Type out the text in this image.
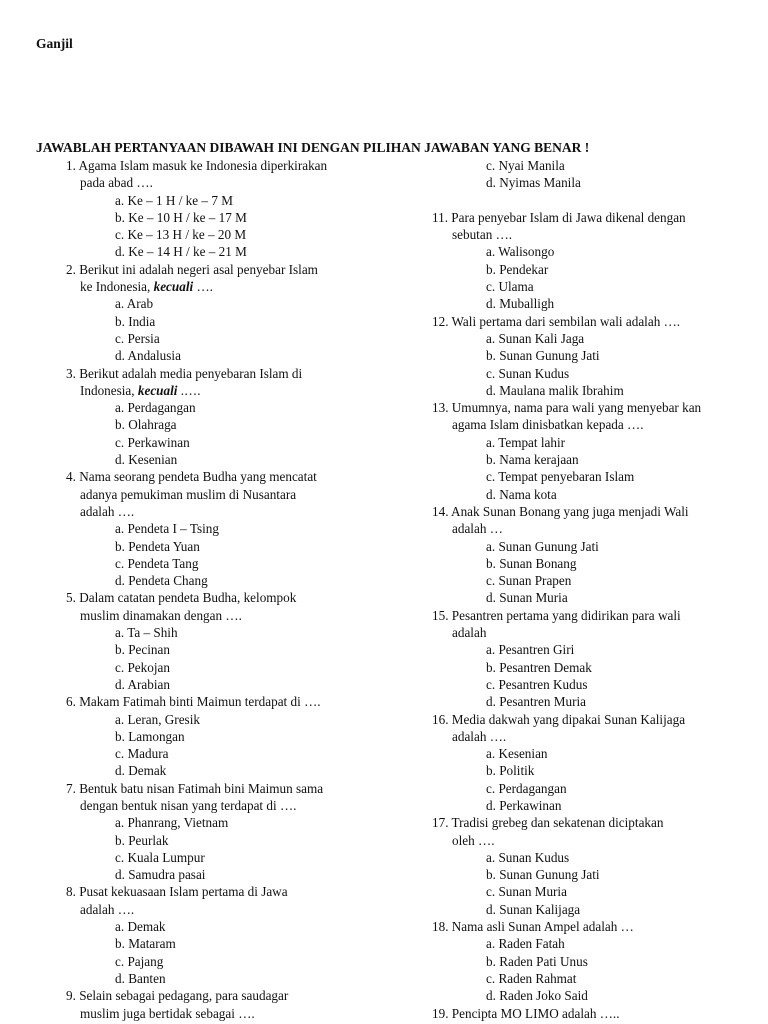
Ganjil
JAWABLAH PERTANYAAN DIBAWAH INI DENGAN PILIHAN JAWABAN YANG BENAR !
1. Agama Islam masuk ke Indonesia diperkirakan
pada abad ….
a. Ke – 1 H / ke – 7 M
b. Ke – 10 H / ke – 17 M
c. Ke – 13 H / ke – 20 M
d. Ke – 14 H / ke – 21 M
2. Berikut ini adalah negeri asal penyebar Islam
ke Indonesia, kecuali ….
a. Arab
b. India
c. Persia
d. Andalusia
3. Berikut adalah media penyebaran Islam di
Indonesia, kecuali .….
a. Perdagangan
b. Olahraga
c. Perkawinan
d. Kesenian
4. Nama seorang pendeta Budha yang mencatat
adanya pemukiman muslim di Nusantara
adalah ….
a. Pendeta I – Tsing
b. Pendeta Yuan
c. Pendeta Tang
d. Pendeta Chang
5. Dalam catatan pendeta Budha, kelompok
muslim dinamakan dengan ….
a. Ta – Shih
b. Pecinan
c. Pekojan
d. Arabian
6. Makam Fatimah binti Maimun terdapat di ….
a. Leran, Gresik
b. Lamongan
c. Madura
d. Demak
7. Bentuk batu nisan Fatimah bini Maimun sama
dengan bentuk nisan yang terdapat di ….
a. Phanrang, Vietnam
b. Peurlak
c. Kuala Lumpur
d. Samudra pasai
8. Pusat kekuasaan Islam pertama di Jawa
adalah ….
a. Demak
b. Mataram
c. Pajang
d. Banten
9. Selain sebagai pedagang, para saudagar
muslim juga bertidak sebagai ….
c. Nyai Manila
d. Nyimas Manila
11. Para penyebar Islam di Jawa dikenal dengan
sebutan ….
a. Walisongo
b. Pendekar
c. Ulama
d. Muballigh
12. Wali pertama dari sembilan wali adalah ….
a. Sunan Kali Jaga
b. Sunan Gunung Jati
c. Sunan Kudus
d. Maulana malik Ibrahim
13. Umumnya, nama para wali yang menyebar kan
agama Islam dinisbatkan kepada ….
a. Tempat lahir
b. Nama kerajaan
c. Tempat penyebaran Islam
d. Nama kota
14. Anak Sunan Bonang yang juga menjadi Wali
adalah …
a. Sunan Gunung Jati
b. Sunan Bonang
c. Sunan Prapen
d. Sunan Muria
15. Pesantren pertama yang didirikan para wali
adalah
a. Pesantren Giri
b. Pesantren Demak
c. Pesantren Kudus
d. Pesantren Muria
16. Media dakwah yang dipakai Sunan Kalijaga
adalah ….
a. Kesenian
b. Politik
c. Perdagangan
d. Perkawinan
17. Tradisi grebeg dan sekatenan diciptakan
oleh ….
a. Sunan Kudus
b. Sunan Gunung Jati
c. Sunan Muria
d. Sunan Kalijaga
18. Nama asli Sunan Ampel adalah …
a. Raden Fatah
b. Raden Pati Unus
c. Raden Rahmat
d. Raden Joko Said
19. Pencipta MO LIMO adalah …..
